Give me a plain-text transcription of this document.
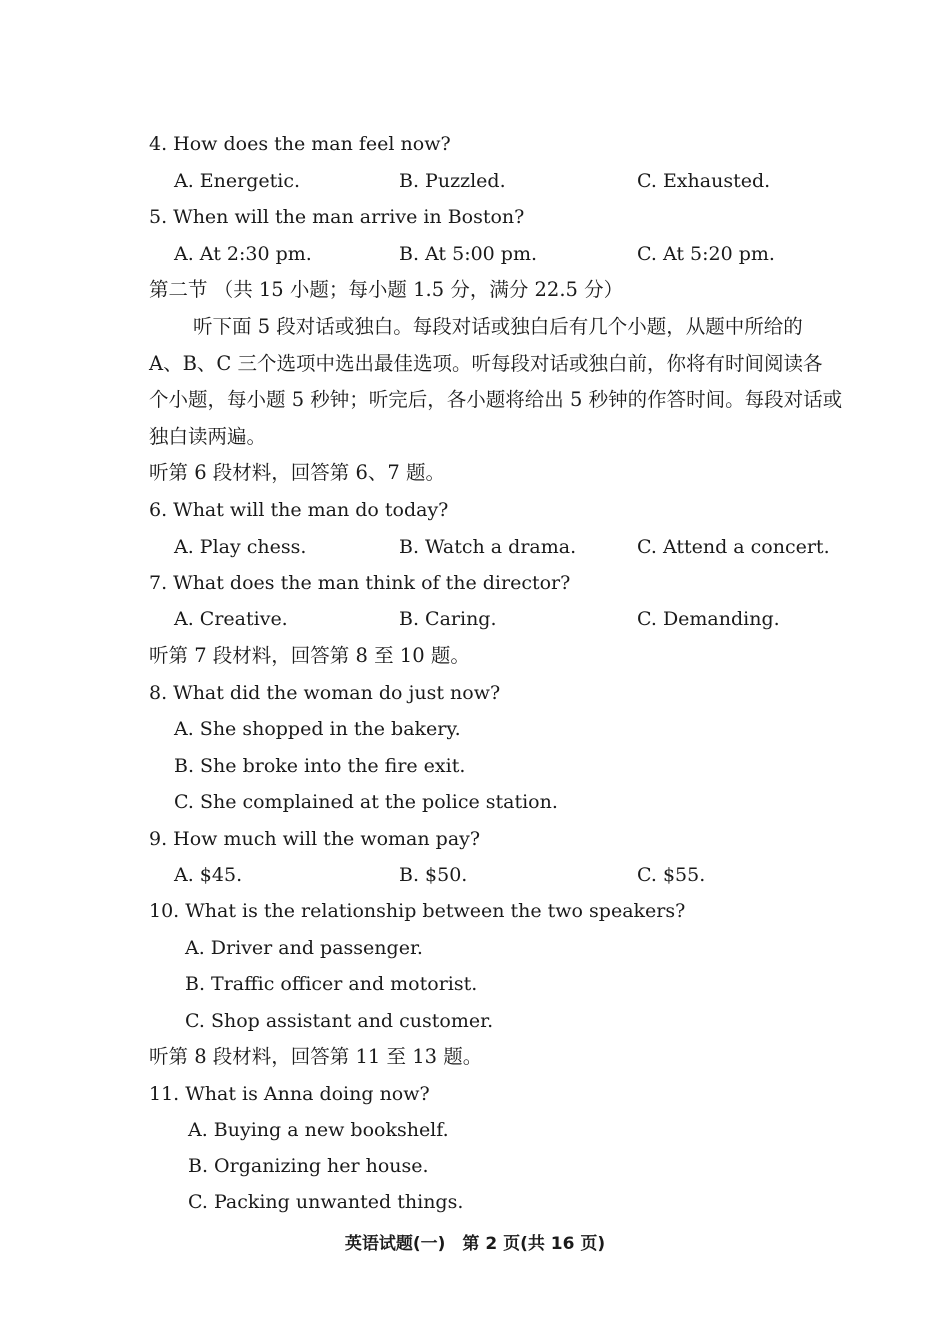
4. How does the man feel now?
A. Energetic.	B. Puzzled.	C. Exhausted.
5. When will the man arrive in Boston?
A. At 2:30 pm.	B. At 5:00 pm.	C. At 5:20 pm.
第二节 （共 15 小题；每小题 1.5 分，满分 22.5 分）
听下面 5 段对话或独白。每段对话或独白后有几个小题，从题中所给的
A、B、C 三个选项中选出最佳选项。听每段对话或独白前，你将有时间阅读各
个小题，每小题 5 秒钟；听完后，各小题将给出 5 秒钟的作答时间。每段对话或
独白读两遍。
听第 6 段材料，回答第 6、7 题。
6. What will the man do today?
A. Play chess.	B. Watch a drama.	C. Attend a concert.
7. What does the man think of the director?
A. Creative.	B. Caring.	C. Demanding.
听第 7 段材料，回答第 8 至 10 题。
8. What did the woman do just now?
A. She shopped in the bakery.
B. She broke into the fire exit.
C. She complained at the police station.
9. How much will the woman pay?
A. $45.	B. $50.	C. $55.
10. What is the relationship between the two speakers?
A. Driver and passenger.
B. Traffic officer and motorist.
C. Shop assistant and customer.
听第 8 段材料，回答第 11 至 13 题。
11. What is Anna doing now?
A. Buying a new bookshelf.
B. Organizing her house.
C. Packing unwanted things.
英语试题(一)　第 2 页(共 16 页)
